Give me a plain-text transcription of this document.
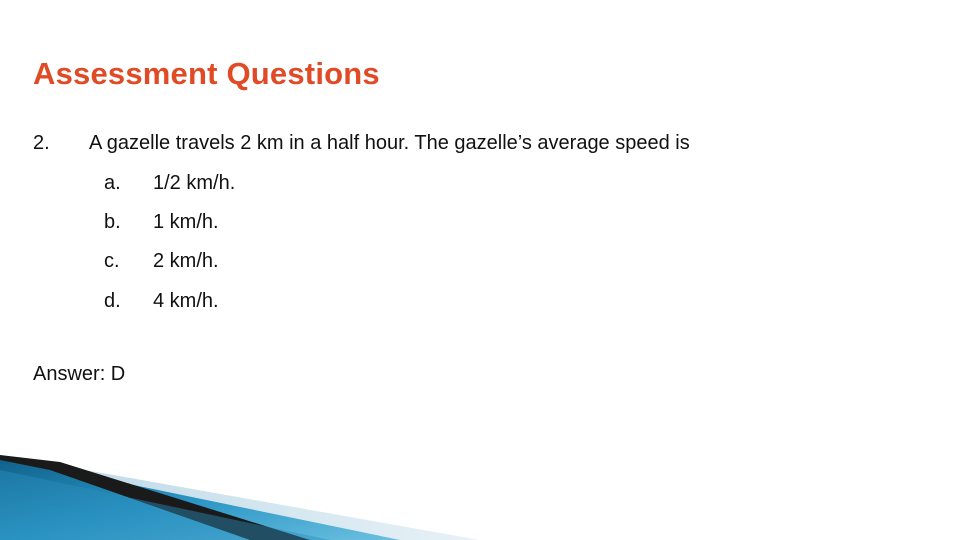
Assessment Questions
2. A gazelle travels 2 km in a half hour. The gazelle’s average speed is
a. 1/2 km/h.
b. 1 km/h.
c. 2 km/h.
d. 4 km/h.
Answer: D
